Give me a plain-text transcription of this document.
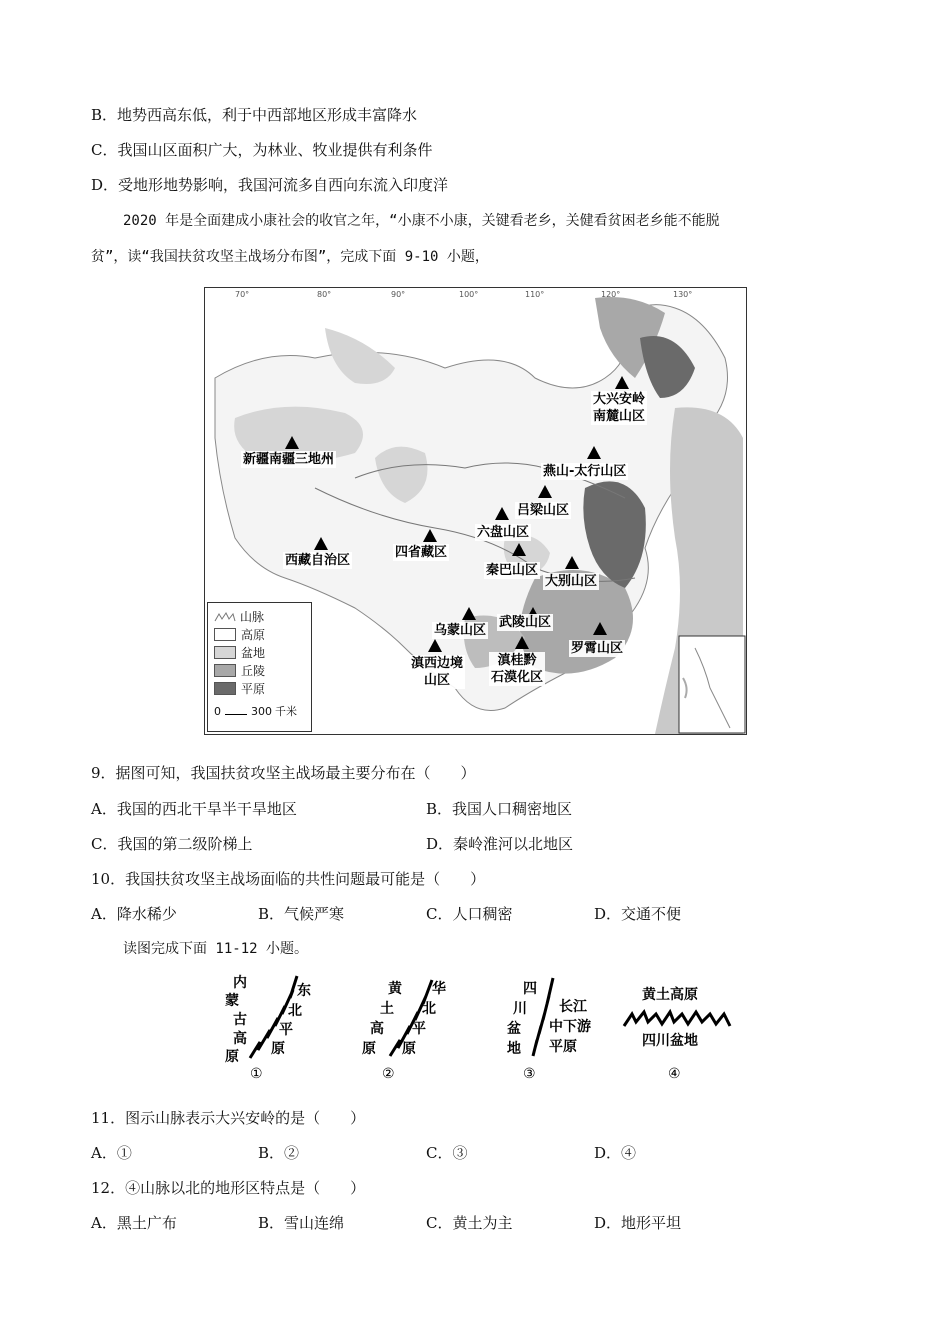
B．地势西高东低，利于中西部地区形成丰富降水
C．我国山区面积广大，为林业、牧业提供有利条件
D．受地形地势影响，我国河流多自西向东流入印度洋
2020 年是全面建成小康社会的收官之年，“小康不小康，关键看老乡，关健看贫困老乡能不能脱
贫”，读“我国扶贫攻坚主战场分布图”，完成下面 9-10 小题，
70°	80°	90°	100°	110°	120°	130°
大兴安岭
南麓山区
新疆南疆三地州
燕山-太行山区
吕梁山区
六盘山区
四省藏区
西藏自治区
秦巴山区
大别山区
乌蒙山区
武陵山区
罗霄山区
滇西边境
山区
滇桂黔
石漠化区
山脉
高原
盆地
丘陵
平原
0	300 千米
9．据图可知，我国扶贫攻坚主战场最主要分布在（　　）
A．我国的西北干旱半干旱地区	B．我国人口稠密地区
C．我国的第二级阶梯上	D．秦岭淮河以北地区
10．我国扶贫攻坚主战场面临的共性问题最可能是（　　）
A．降水稀少	B．气候严寒	C．人口稠密	D．交通不便
读图完成下面 11-12 小题。
内
蒙
古
高
原
东
北
平
原
①
黄
土
高
原
华
北
平
原
②
四
川
盆
地
长江
中下游
平原
③
黄土高原
四川盆地
④
11．图示山脉表示大兴安岭的是（　　）
A．①	B．②	C．③	D．④
12．④山脉以北的地形区特点是（　　）
A．黑土广布	B．雪山连绵	C．黄土为主	D．地形平坦
